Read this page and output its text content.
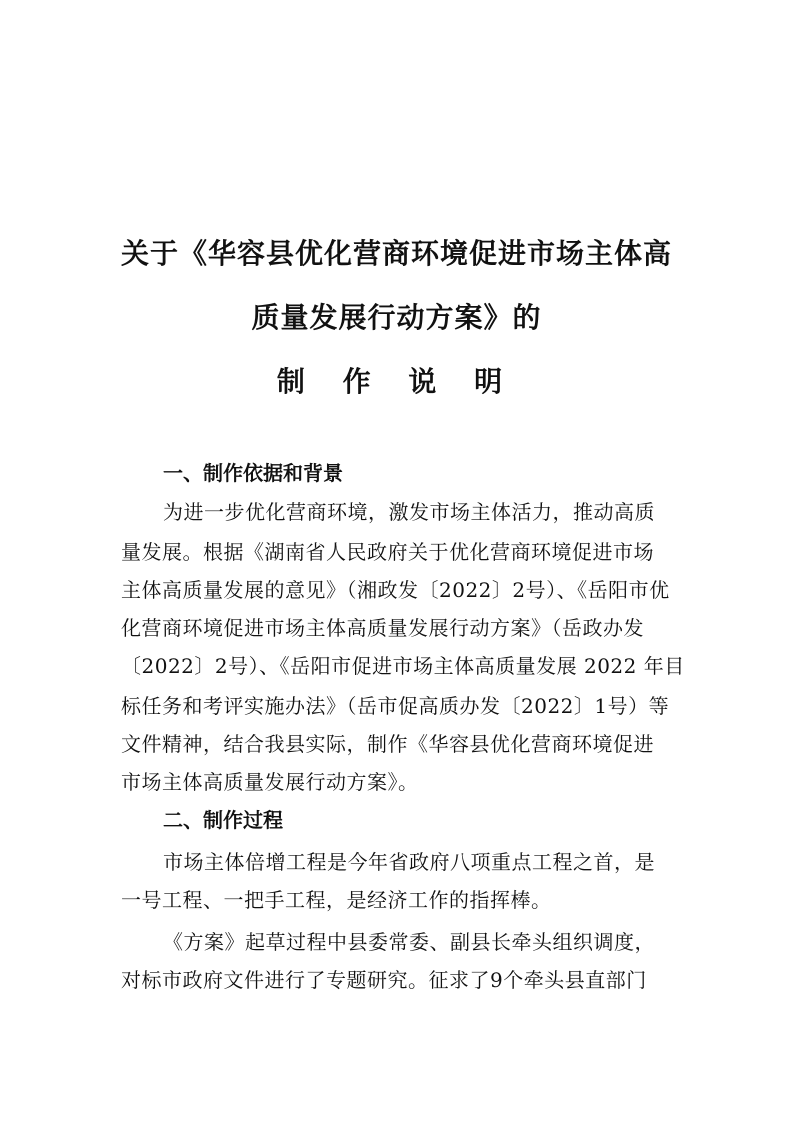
关于《华容县优化营商环境促进市场主体高
质量发展行动方案》的
制 作 说 明
一、制作依据和背景
为进一步优化营商环境，激发市场主体活力，推动高质
量发展。根据《湖南省人民政府关于优化营商环境促进市场
主体高质量发展的意见》（湘政发〔2022〕2号）、《岳阳市优
化营商环境促进市场主体高质量发展行动方案》（岳政办发
〔2022〕2号）、《岳阳市促进市场主体高质量发展 2022 年目
标任务和考评实施办法》（岳市促高质办发〔2022〕1号）等
文件精神，结合我县实际，制作《华容县优化营商环境促进
市场主体高质量发展行动方案》。
二、制作过程
市场主体倍增工程是今年省政府八项重点工程之首，是
一号工程、一把手工程，是经济工作的指挥棒。
《方案》起草过程中县委常委、副县长牵头组织调度，
对标市政府文件进行了专题研究。征求了9个牵头县直部门
